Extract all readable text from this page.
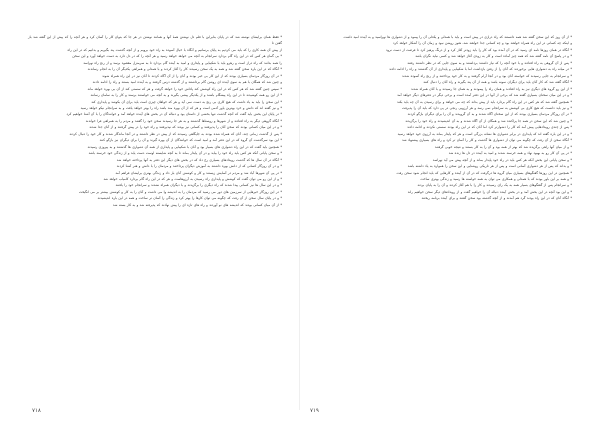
* فقط همان برایشان نوشته شد که در پایان بنابراین با قلم دل نوشتن همۀ آنها و همانند نوشتن در هر جا که بتوان کار را آسان کرد و هر آنچه را که پیش از این گفته شد باز گفتن تا

از پیش آن همه کاری را که باید می کردیم به پایان برسانیم و آنگاه با خیال آسوده به راه خود برویم و از آنچه گذشت پند بگیریم و بدانیم که در این راه

* بی گمان هر کس که در این راه گام بردارد سرانجام به آنچه می خواهد خواهد رسید و هر آنچه را که در دل دارد به دست خواهد آورد و این سخن

را همه بدانند که راه دراز است و رهرو باید با شکیبایی و پایداری و امید به آینده گام بردارد تا به سرمنزل مقصود برسد و از رنج راه نهراسد

* آنگاه که در این باره سخن گفته شد و همه به یک سخن رسیدند کار را آغاز کردند و با همدلی و همراهی یکدیگر آن را به انجام رساندند

* در آن روزگار مردمان بسیاری بودند که از این کار بی خبر بودند و آنان را از آن آگاه کردند تا آنان نیز در این راه همراه شوند

و چنین شد که همگان با هم به سوی آینده ای روشن گام برداشتند و از گذشته درس گرفتند و به آینده امید بستند و راه را ادامه دادند

* سپس چنین گفته شد که هر کس که در این راه کوشش کند پاداش خود را خواهد گرفت و هر که سستی کند از آن بی بهره خواهد ماند

* از این رو همه کوشیدند تا در این راه پیشگام باشند و از یکدیگر پیشی بگیرند و به آنچه می خواستند برسند و کار را به سامان رسانند

* این سخن را باید به یاد داشت که هیچ کاری بی رنج به دست نمی آید و هر که خواهان چیزی است باید برای آن بکوشد و پایداری کند

* و نیز گفته اند که دانش و خرد بهترین یاور آدمی است و هر که از آن بهره مند باشد راه را بهتر خواهد یافت و به سرانجام نیکو خواهد رسید

* در پایان این بخش باید گفت که آنچه گذشت تنها بخشی از داستان بود و دنباله آن در بخش های آینده خواهد آمد و خوانندگان را با آن آشنا خواهیم کرد

* آنگاه گروهی دیگر به راه افتادند و از شهرها و روستاها گذشتند و به هر جا رسیدند سخن خود را گفتند و مردم را به همراهی فرا خواندند

* و در این میان کسانی بودند که سخن آنان را پذیرفتند و کسانی نیز بودند که نپذیرفتند و راه خود را در پیش گرفتند و از آنان جدا شدند

* پس از گذشت زمانی چند، آنان که همراه شده بودند به جایگاهی رسیدند که از پیش در نظر داشتند و در آنجا ماندگار شدند و کار خود را دنبال کردند

* این بود سرگذشت آن گروه که در این دفتر آمد و امید است که خوانندگان از آن بهره گیرند و آن را برای دیگران نیز بازگو کنند

* همچنین باید گفت که در این راه دشواری های بسیار بود و آنان با شکیبایی و پایداری از همه آن دشواری ها گذشتند و به پیروزی رسیدند

* و سخن پایانی آنکه هر کس باید راه خود را بیابد و در آن پایدار بماند تا به آنچه شایسته اوست دست یابد و از زندگی خود خرسند باشد

* آنگاه در آن سال ها که گذشت رویدادهای بسیاری رخ داد که در بخش های دیگر این دفتر به آنها پرداخته خواهد شد

* و در آن روزگار کسانی که از دانش بهره داشتند به آموزش دیگران پرداختند و مردمان را با دانش و هنر آشنا کردند

* در پی آن شهرها آباد شد و مردم در آسایش زیستند و کار و کوشش آنان بار داد و زندگی بهتری برایشان فراهم آمد

* و از این رو می توان گفت که کوشش و پایداری راه رسیدن به آرزوهاست و هر که در این راه گام بردارد کامیاب خواهد شد

* و در این سال ها نیز کسانی پیدا شدند که راه دیگری را برگزیدند و با دیگران همراه نشدند و سرانجام خود را یافتند

* در این روزگار خبرهایی از سرزمین های دور می رسید که مردمان را به اندیشه وا می داشت و آنان را به کار و کوشش بیشتر بر می انگیخت

* و در پایان سال سخن از آن رفت که چگونه می توان کارها را بهتر کرد و زندگی را آسان تر ساخت و همه در این باره اندیشیدند

* از آن میان کسانی بودند که اندیشه های نو آوردند و راه های تازه ای را پیش نهادند که پذیرفته شد و به کار بسته شد

* از آن روز که این سخن گفته شد همه دانستند که راه درازی در پیش است و باید با همدلی و یکدلی آن را پیمود و از دشواری ها نهراسید و به آینده امید داشت

و اینکه چه کسانی در این راه همراه خواهند بود و چه کسانی جدا خواهند شد، هنوز روشن نبود و زمان آن را آشکار خواهد کرد

* آنگاه در همان روزها نامه ای رسید که در آن آمده بود که کار را باید زودتر آغاز کرد و از درنگ پرهیز کرد تا فرصت از دست نرود

* و در پاسخ آن نامه گفته شد که همه چیز آماده است و کار به زودی آغاز خواهد شد و کسی نباید نگران باشد

* پس از آن گروهی به راه افتادند و با خود آنچه را که نیاز داشتند برداشتند و به سوی جایی که در نظر داشتند رفتند

* در میانه راه به دشواری هایی برخوردند که آنان را از رفتن بازداشت اما با شکیبایی و پایداری از آن گذشتند و راه را ادامه دادند

* و سرانجام به جایی رسیدند که خواسته آنان بود و در آنجا آرام گرفتند و به کار خود پرداختند و از رنج راه آسوده شدند

* آنگاه گفته شد که کار آنان باید برای دیگران نمونه باشد و همه از آن پند بگیرند و راه آنان را دنبال کنند

* از این رو گروه های دیگری نیز به راه افتادند و همان راه را پیمودند و به همان جا رسیدند و با آنان همراه شدند

* و در این میان سخنان بسیاری گفته شد که برخی از آنها در این دفتر آمده است و برخی دیگر در دفترهای دیگر خواهد آمد

* همچنین گفته شد که هر کس در این راه گام بردارد باید از پیش بداند که چه می خواهد و برای رسیدن به آن چه باید بکند

* و نیز باید دانست که هیچ کاری بی کوشش به سرانجام نمی رسد و هر آرزویی رنجی در پی دارد که باید آن را پذیرفت

* در آن روزگار مردمان بسیاری بودند که از این سخنان آگاه شدند و به آن گرویدند و آن را برای دیگران بازگو کردند

* و چنین شد که این سخن در همه جا پراکنده شد و همگان از آن آگاه شدند و به آن اندیشیدند و راه خود را برگزیدند

* پس از چندی رویدادهایی پیش آمد که کار را دشوارتر کرد اما آنان که در این راه بودند سستی نکردند و ادامه دادند

* و در این باره گفته اند که پایداری در برابر دشواری ها نشانه بزرگی است و هر که پایدار بماند به آرزوی خود خواهد رسید

* آنگاه سخن از آن رفت که چگونه می توان از دشواری ها گذشت و کار را آسان تر کرد و راه های بسیاری پیشنهاد شد

* و از میان آنها راهی برگزیده شد که بهتر از همه بود و آن را به کار بستند و نتیجه خوبی گرفتند

* در پی آن کار رو به بهبود نهاد و همه خرسند شدند و امید به آینده در دل ها زنده شد

* و سخن پایانی این بخش آنکه هر کس باید در راه خود پایدار بماند و از آنچه پیش می آید نهراسد

* و بداند که پس از هر دشواری آسانی است و پس از هر تاریکی روشنایی و این سخن را همواره به یاد داشته باشد

* همچنین در این روزها گفتگوهای بسیاری میان گروه ها درگرفت که در آن از آینده و کارهایی که باید انجام شود سخن رفت

* و همه بر این باور بودند که با همدلی و همکاری می توان به همه خواسته ها رسید و زندگی بهتری ساخت

* و سرانجام پس از گفتگوهای بسیار همه به یک رای رسیدند و کار را با هم آغاز کردند و آن را به پایان بردند

* و این بود آنچه در این بخش آمد و در بخش آینده دنباله آن را خواهیم گفت و از رویدادهای دیگر سخن خواهیم راند

* آنگاه آنان که در این راه بودند گرد هم آمدند و از آنچه گذشته بود سخن گفتند و برای آینده برنامه ریختند

۷۱۸	۷۱۹
